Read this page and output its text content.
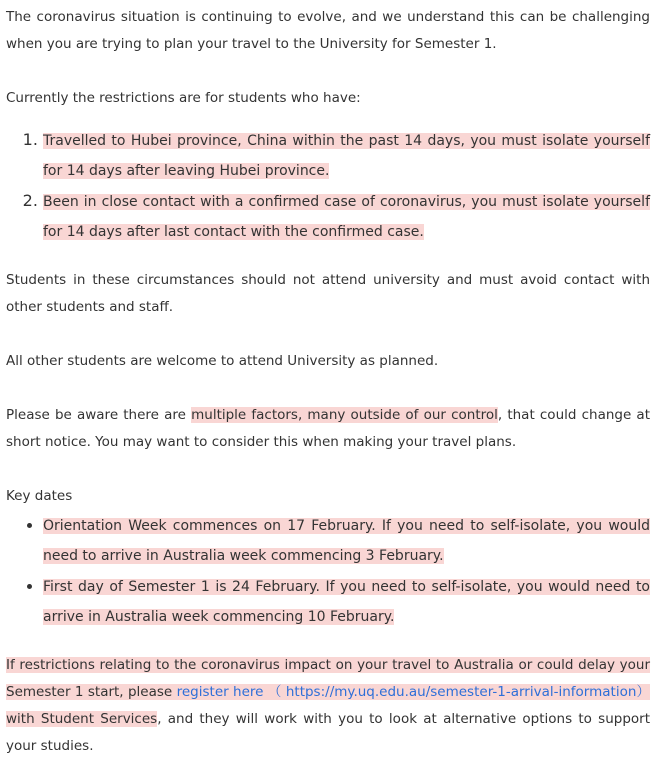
The coronavirus situation is continuing to evolve, and we understand this can be challenging when you are trying to plan your travel to the University for Semester 1.

Currently the restrictions are for students who have:

1. Travelled to Hubei province, China within the past 14 days, you must isolate yourself for 14 days after leaving Hubei province.
2. Been in close contact with a confirmed case of coronavirus, you must isolate yourself for 14 days after last contact with the confirmed case.

Students in these circumstances should not attend university and must avoid contact with other students and staff.

All other students are welcome to attend University as planned.

Please be aware there are multiple factors, many outside of our control, that could change at short notice. You may want to consider this when making your travel plans.

Key dates

• Orientation Week commences on 17 February. If you need to self-isolate, you would need to arrive in Australia week commencing 3 February.
• First day of Semester 1 is 24 February. If you need to self-isolate, you would need to arrive in Australia week commencing 10 February.

If restrictions relating to the coronavirus impact on your travel to Australia or could delay your Semester 1 start, please register here （ https://my.uq.edu.au/semester-1-arrival-information） with Student Services, and they will work with you to look at alternative options to support your studies.
